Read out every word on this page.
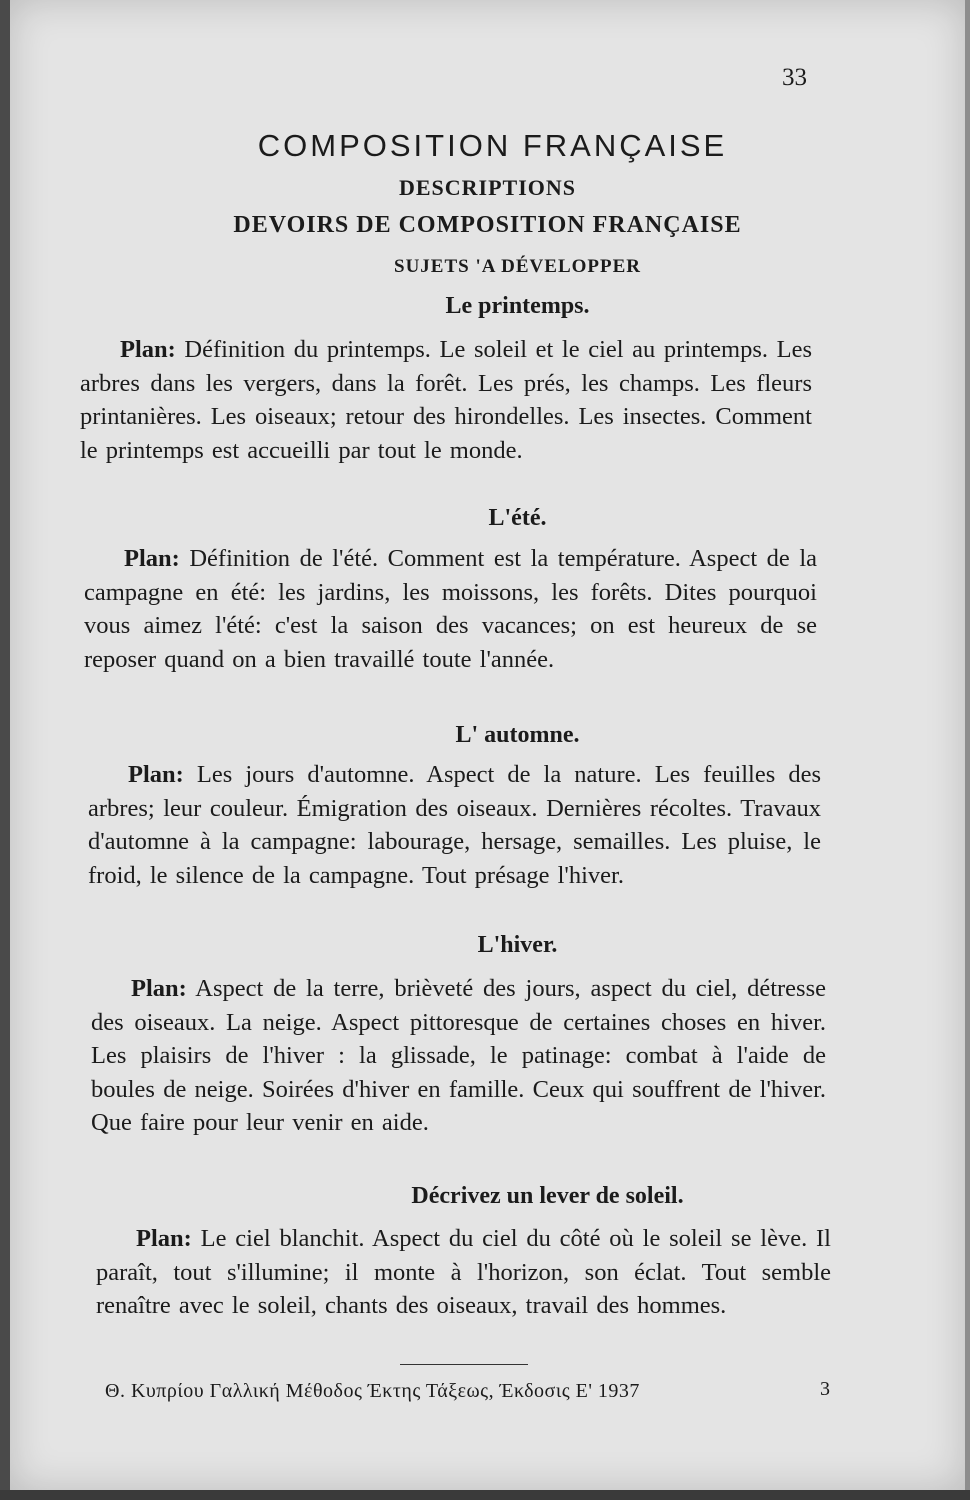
33
COMPOSITION FRANÇAISE
DESCRIPTIONS
DEVOIRS DE COMPOSITION FRANÇAISE
SUJETS 'A DÉVELOPPER
Le printemps.
Plan: Définition du printemps. Le soleil et le ciel au printemps. Les arbres dans les vergers, dans la forêt. Les prés, les champs. Les fleurs printanières. Les oiseaux; retour des hirondelles. Les insectes. Comment le printemps est accueilli par tout le monde.
L'été.
Plan: Définition de l'été. Comment est la température. Aspect de la campagne en été: les jardins, les moissons, les forêts. Dites pourquoi vous aimez l'été: c'est la saison des vacances; on est heureux de se reposer quand on a bien travaillé toute l'année.
L' automne.
Plan: Les jours d'automne. Aspect de la nature. Les feuilles des arbres; leur couleur. Émigration des oiseaux. Dernières récoltes. Travaux d'automne à la campagne: labourage, hersage, semailles. Les pluise, le froid, le silence de la campagne. Tout présage l'hiver.
L'hiver.
Plan: Aspect de la terre, brièveté des jours, aspect du ciel, détresse des oiseaux. La neige. Aspect pittoresque de certaines choses en hiver. Les plaisirs de l'hiver : la glissade, le patinage: combat à l'aide de boules de neige. Soirées d'hiver en famille. Ceux qui souffrent de l'hiver. Que faire pour leur venir en aide.
Décrivez un lever de soleil.
Plan: Le ciel blanchit. Aspect du ciel du côté où le soleil se lève. Il paraît, tout s'illumine; il monte à l'horizon, son éclat. Tout semble renaître avec le soleil, chants des oiseaux, travail des hommes.
Θ. Κυπρίου Γαλλική Μέθοδος Έκτης Τάξεως, Έκδοσις Ε' 1937	3
